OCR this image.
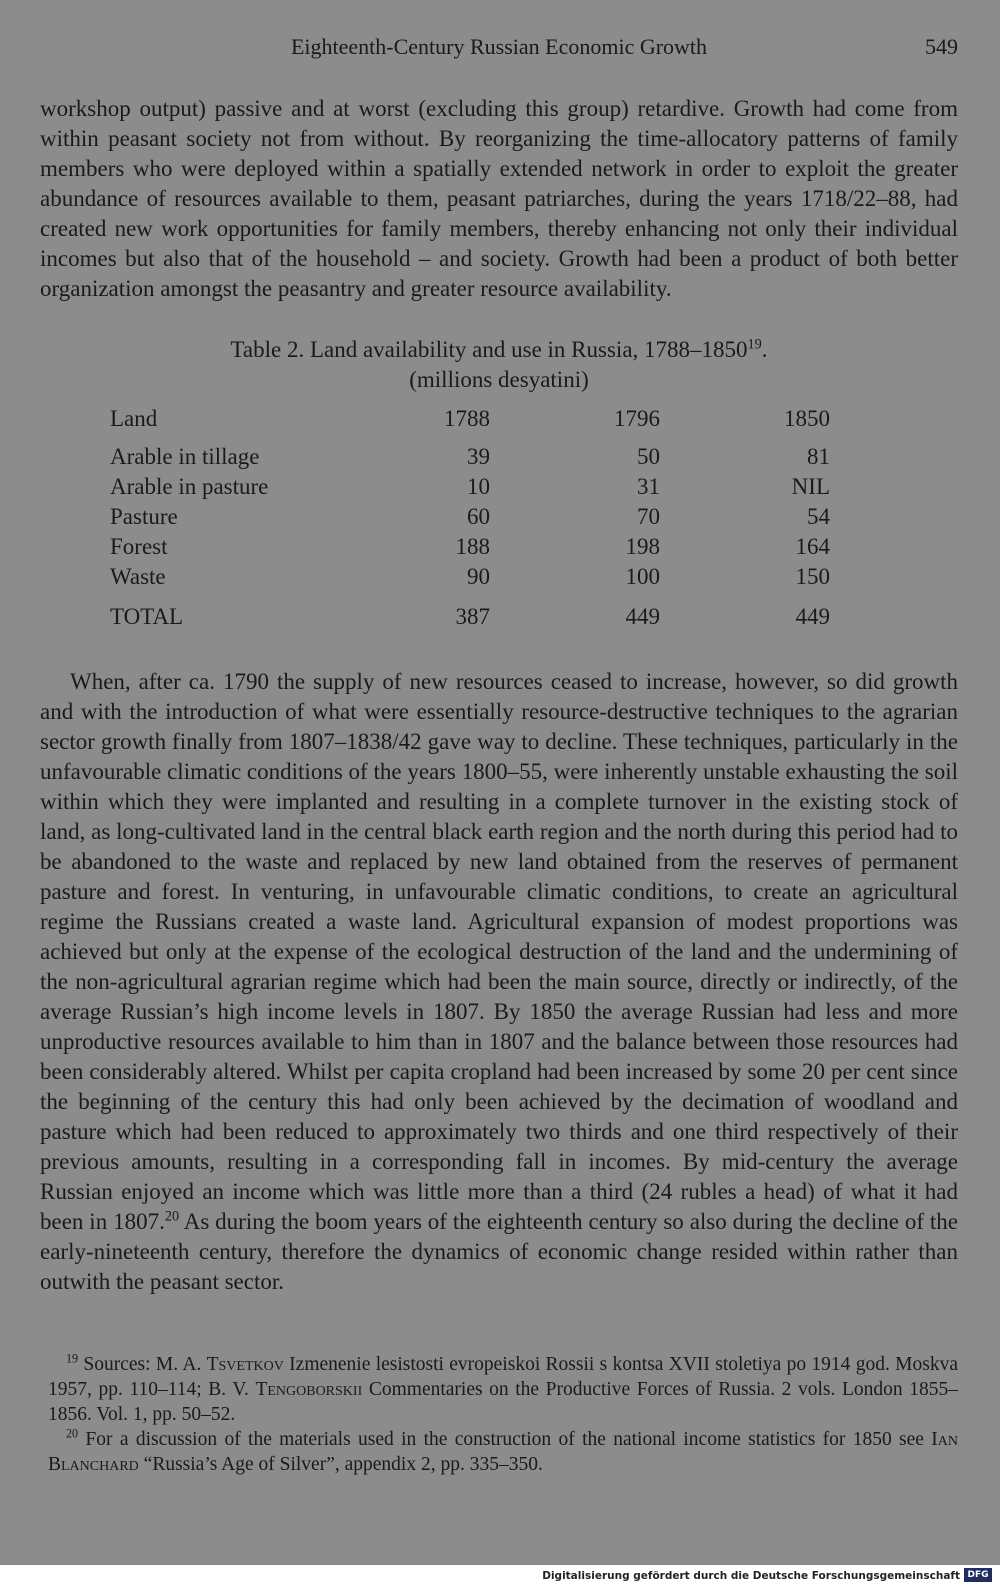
Eighteenth-Century Russian Economic Growth	549

workshop output) passive and at worst (excluding this group) retardive. Growth had come from within peasant society not from without. By reorganizing the time-allocatory patterns of family members who were deployed within a spatially extended network in order to exploit the greater abundance of resources available to them, peasant patriarches, during the years 1718/22–88, had created new work opportunities for family members, thereby enhancing not only their individual incomes but also that of the household – and society. Growth had been a product of both better organization amongst the peasantry and greater resource availability.

Table 2. Land availability and use in Russia, 1788–1850$^{19}$.
(millions desyatini)
Land	1788	1796	1850
Arable in tillage	39	50	81
Arable in pasture	10	31	NIL
Pasture	60	70	54
Forest	188	198	164
Waste	90	100	150
TOTAL	387	449	449

When, after ca. 1790 the supply of new resources ceased to increase, however, so did growth and with the introduction of what were essentially resource-destructive techniques to the agrarian sector growth finally from 1807–1838/42 gave way to decline. These techniques, particularly in the unfavourable climatic conditions of the years 1800–55, were inherently unstable exhausting the soil within which they were implanted and resulting in a complete turnover in the existing stock of land, as long-cultivated land in the central black earth region and the north during this period had to be abandoned to the waste and replaced by new land obtained from the reserves of permanent pasture and forest. In venturing, in unfavourable climatic conditions, to create an agricultural regime the Russians created a waste land. Agricultural expansion of modest proportions was achieved but only at the expense of the ecological destruction of the land and the undermining of the non-agricultural agrarian regime which had been the main source, directly or indirectly, of the average Russian’s high income levels in 1807. By 1850 the average Russian had less and more unproductive resources available to him than in 1807 and the balance between those resources had been considerably altered. Whilst per capita cropland had been increased by some 20 per cent since the beginning of the century this had only been achieved by the decimation of woodland and pasture which had been reduced to approximately two thirds and one third respectively of their previous amounts, resulting in a corresponding fall in incomes. By mid-century the average Russian enjoyed an income which was little more than a third (24 rubles a head) of what it had been in 1807.20 As during the boom years of the eighteenth century so also during the decline of the early-nineteenth century, therefore the dynamics of economic change resided within rather than outwith the peasant sector.

$^{19}$ Sources: M. A. Tsvetkov Izmenenie lesistosti evropeiskoi Rossii s kontsa XVII stoletiya po 1914 god. Moskva 1957, pp. 110–114; B. V. Tengoborskii Commentaries on the Productive Forces of Russia. 2 vols. London 1855–1856. Vol. 1, pp. 50–52.

$^{20}$ For a discussion of the materials used in the construction of the national income statistics for 1850 see Ian Blanchard “Russia’s Age of Silver”, appendix 2, pp. 335–350.

Digitalisierung gefördert durch die Deutsche Forschungsgemeinschaft DFG
